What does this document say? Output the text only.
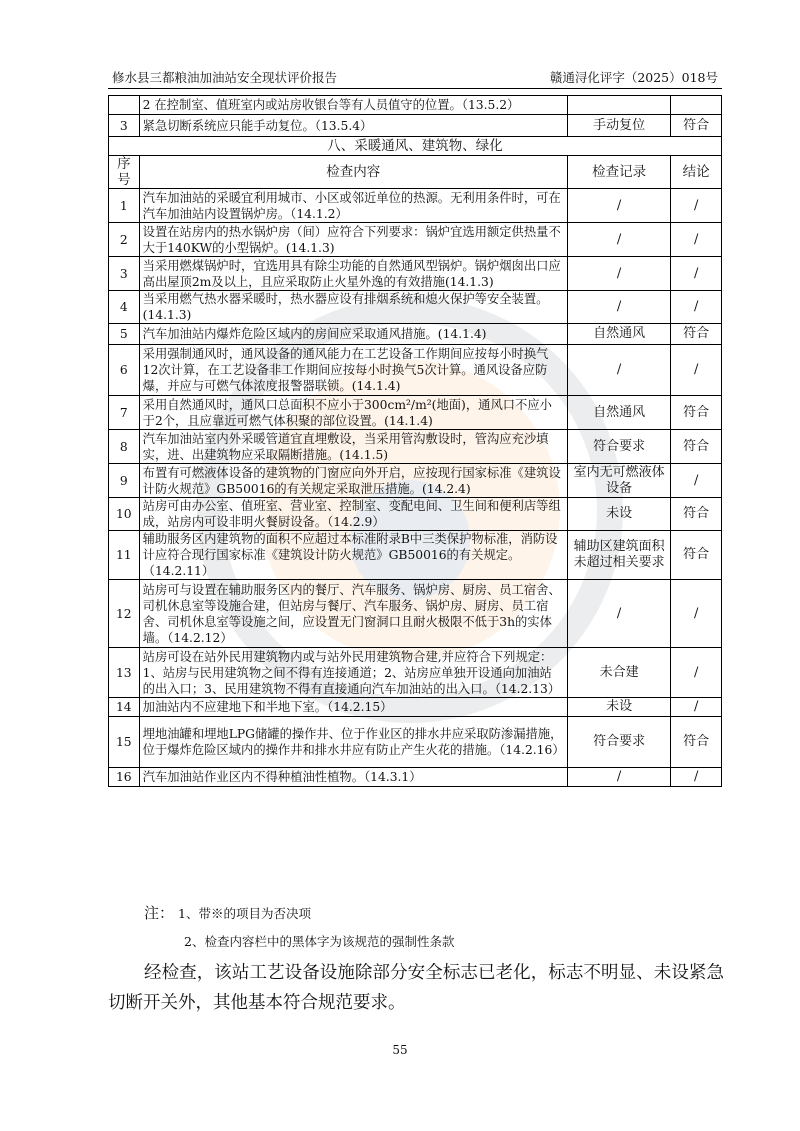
修水县三都粮油加油站安全现状评价报告	赣通浔化评字（2025）018号
	2 在控制室、值班室内或站房收银台等有人员值守的位置。（13.5.2）		
3	紧急切断系统应只能手动复位。（13.5.4）	手动复位	符合
八、采暖通风、建筑物、绿化			
序号	检查内容	检查记录	结论
1	汽车加油站的采暖宜利用城市、小区或邻近单位的热源。无利用条件时，可在汽车加油站内设置锅炉房。（14.1.2）	/	/
2	设置在站房内的热水锅炉房（间）应符合下列要求：锅炉宜选用额定供热量不大于140KW的小型锅炉。(14.1.3)	/	/
3	当采用燃煤锅炉时，宜选用具有除尘功能的自然通风型锅炉。锅炉烟囱出口应高出屋顶2m及以上，且应采取防止火星外逸的有效措施(14.1.3)	/	/
4	当采用燃气热水器采暖时，热水器应设有排烟系统和熄火保护等安全装置。(14.1.3)	/	/
5	汽车加油站内爆炸危险区域内的房间应采取通风措施。(14.1.4)	自然通风	符合
6	采用强制通风时，通风设备的通风能力在工艺设备工作期间应按每小时换气12次计算，在工艺设备非工作期间应按每小时换气5次计算。通风设备应防爆，并应与可燃气体浓度报警器联锁。(14.1.4)	/	/
7	采用自然通风时，通风口总面积不应小于300cm²/m²(地面)，通风口不应小于2个，且应靠近可燃气体积聚的部位设置。(14.1.4)	自然通风	符合
8	汽车加油站室内外采暖管道宜直埋敷设，当采用管沟敷设时，管沟应充沙填实，进、出建筑物应采取隔断措施。(14.1.5)	符合要求	符合
9	布置有可燃液体设备的建筑物的门窗应向外开启，应按现行国家标准《建筑设计防火规范》GB50016的有关规定采取泄压措施。(14.2.4)	室内无可燃液体设备	/
10	站房可由办公室、值班室、营业室、控制室、变配电间、卫生间和便利店等组成，站房内可设非明火餐厨设备。（14.2.9）	未设	符合
11	辅助服务区内建筑物的面积不应超过本标准附录B中三类保护物标准，消防设计应符合现行国家标准《建筑设计防火规范》GB50016的有关规定。（14.2.11）	辅助区建筑面积未超过相关要求	符合
12	站房可与设置在辅助服务区内的餐厅、汽车服务、锅炉房、厨房、员工宿舍、司机休息室等设施合建，但站房与餐厅、汽车服务、锅炉房、厨房、员工宿舍、司机休息室等设施之间，应设置无门窗洞口且耐火极限不低于3h的实体墙。（14.2.12）	/	/
13	站房可设在站外民用建筑物内或与站外民用建筑物合建,并应符合下列规定：1、站房与民用建筑物之间不得有连接通道；2、站房应单独开设通向加油站的出入口；3、民用建筑物不得有直接通向汽车加油站的出入口。（14.2.13）	未合建	/
14	加油站内不应建地下和半地下室。（14.2.15）	未设	/
15	埋地油罐和埋地LPG储罐的操作井、位于作业区的排水井应采取防渗漏措施，位于爆炸危险区域内的操作井和排水井应有防止产生火花的措施。（14.2.16）	符合要求	符合
16	汽车加油站作业区内不得种植油性植物。（14.3.1）	/	/
注： 1、带※的项目为否决项
2、检查内容栏中的黑体字为该规范的强制性条款
经检查，该站工艺设备设施除部分安全标志已老化，标志不明显、未设紧急切断开关外，其他基本符合规范要求。
55
